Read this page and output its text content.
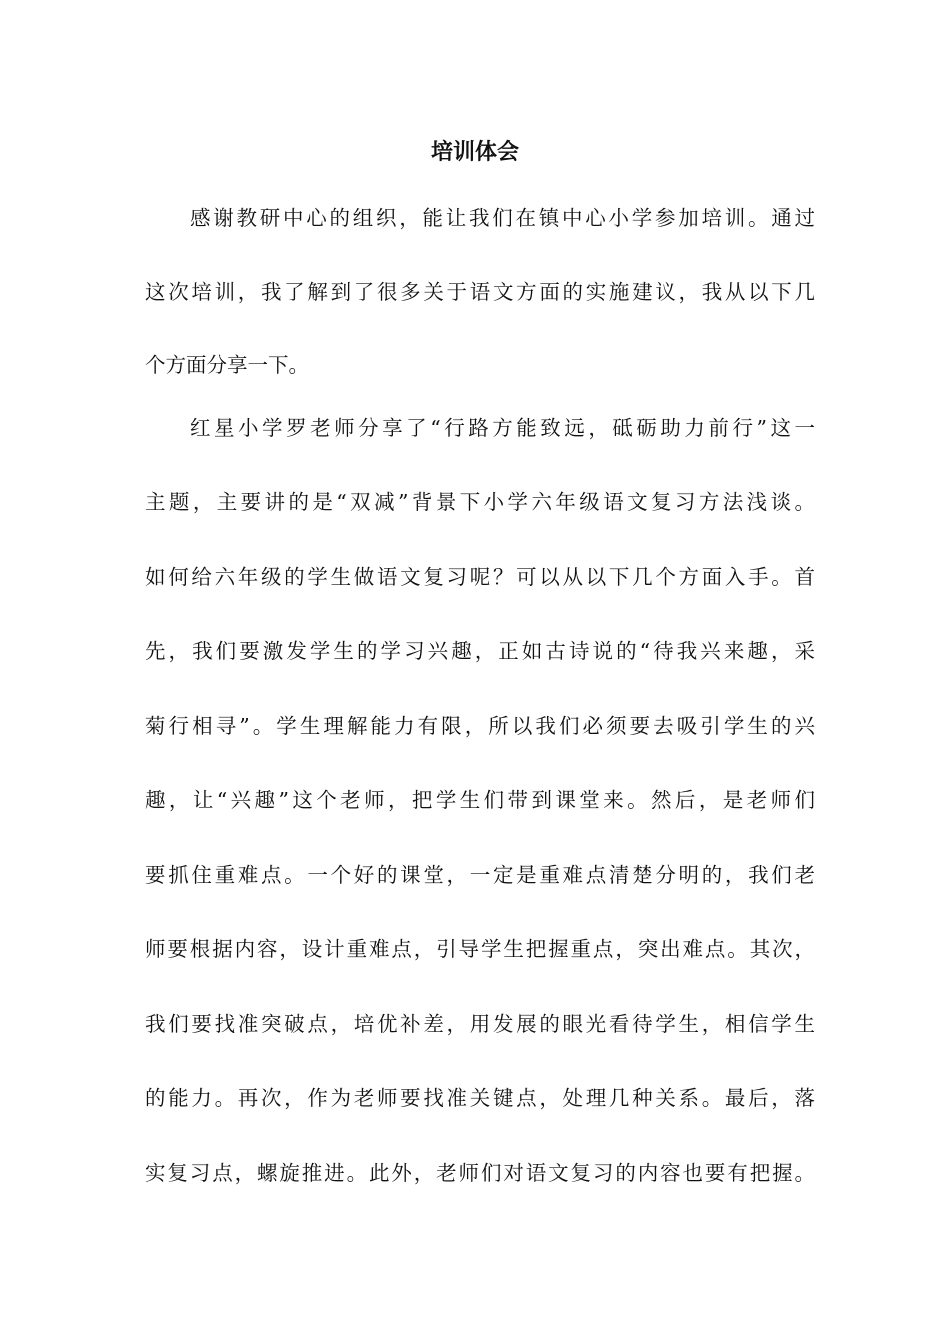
培训体会
感谢教研中心的组织，能让我们在镇中心小学参加培训。通过
这次培训，我了解到了很多关于语文方面的实施建议，我从以下几
个方面分享一下。
红星小学罗老师分享了“行路方能致远，砥砺助力前行”这一
主题，主要讲的是“双减”背景下小学六年级语文复习方法浅谈。
如何给六年级的学生做语文复习呢？可以从以下几个方面入手。首
先，我们要激发学生的学习兴趣，正如古诗说的“待我兴来趣，采
菊行相寻”。学生理解能力有限，所以我们必须要去吸引学生的兴
趣，让“兴趣”这个老师，把学生们带到课堂来。然后，是老师们
要抓住重难点。一个好的课堂，一定是重难点清楚分明的，我们老
师要根据内容，设计重难点，引导学生把握重点，突出难点。其次，
我们要找准突破点，培优补差，用发展的眼光看待学生，相信学生
的能力。再次，作为老师要找准关键点，处理几种关系。最后，落
实复习点，螺旋推进。此外，老师们对语文复习的内容也要有把握。
